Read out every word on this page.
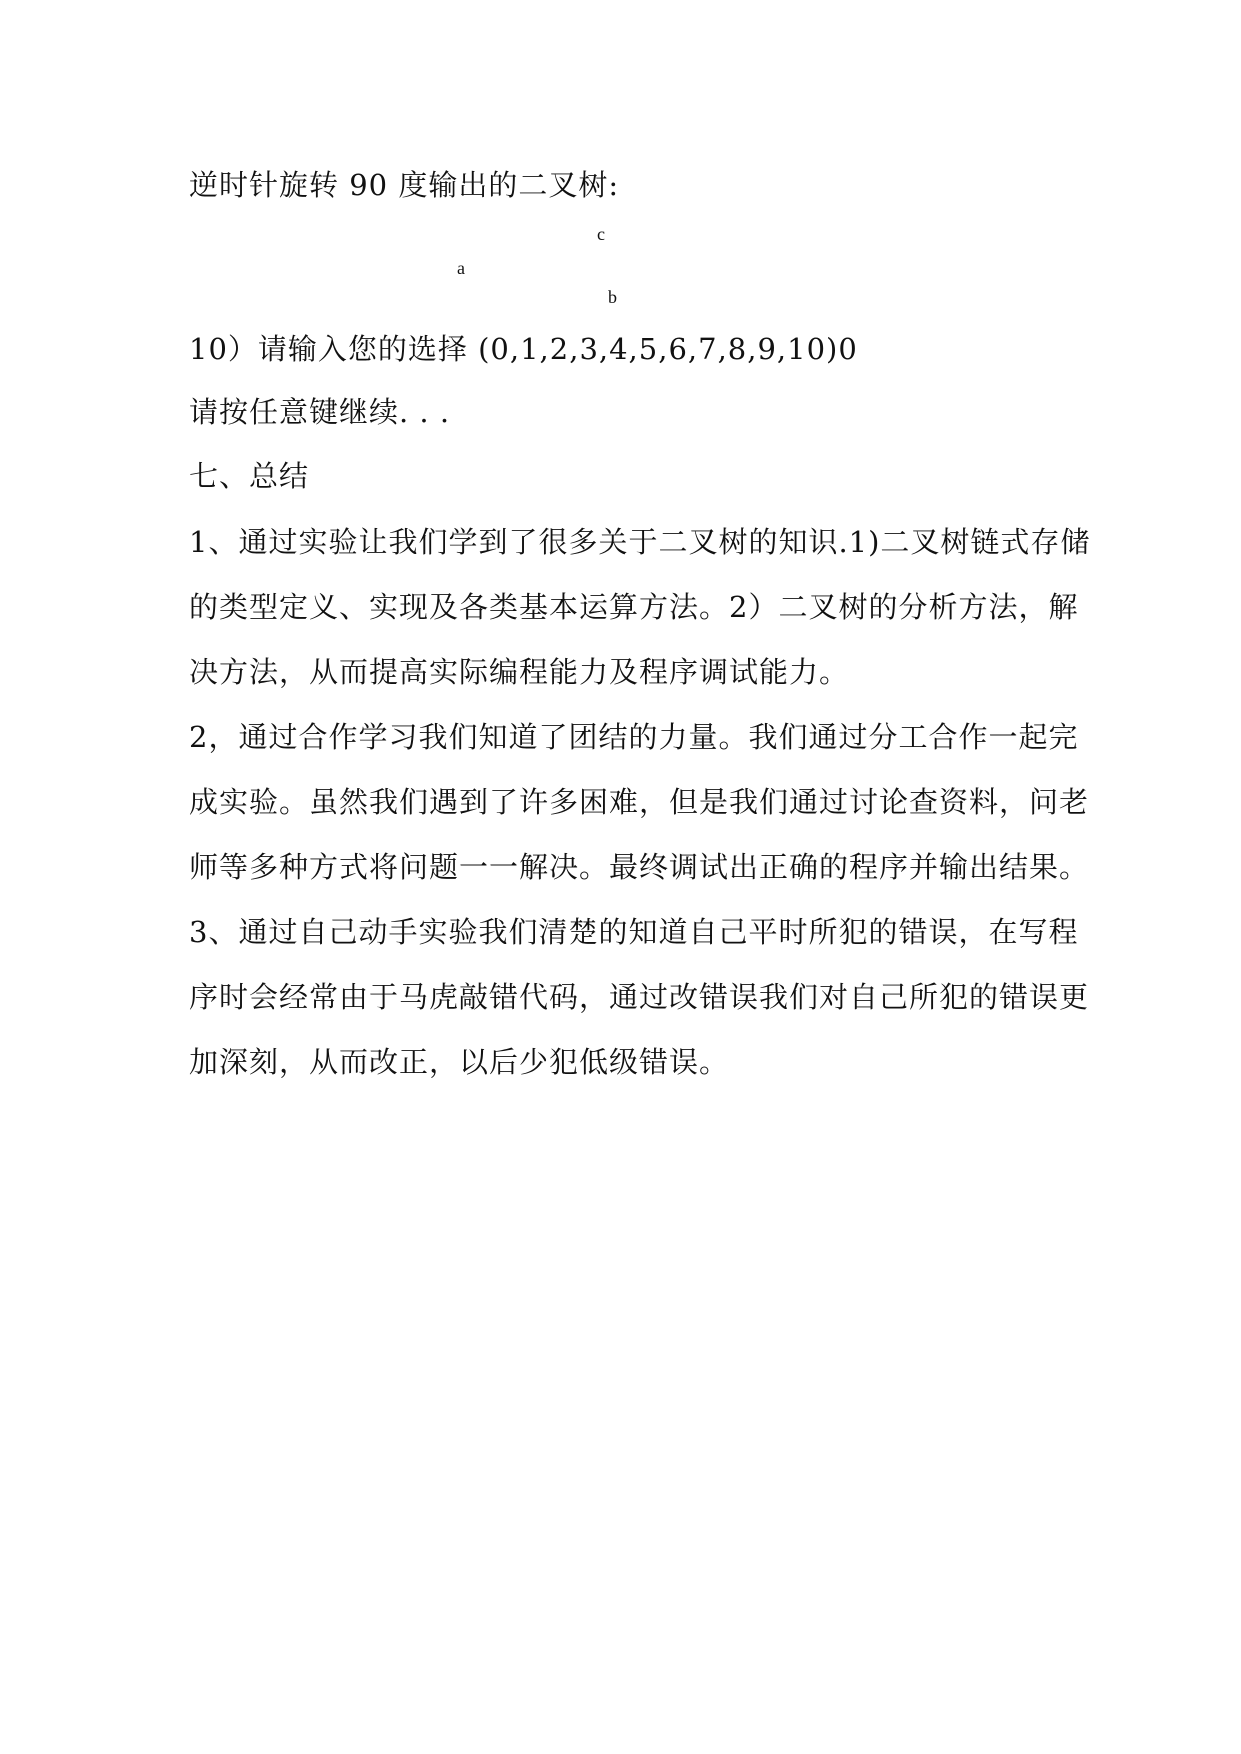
逆时针旋转 90 度输出的二叉树:
c
a
b
10）请输入您的选择 (0,1,2,3,4,5,6,7,8,9,10)0
请按任意键继续. . .
七、总结
1、通过实验让我们学到了很多关于二叉树的知识.1)二叉树链式存储
的类型定义、实现及各类基本运算方法。2）二叉树的分析方法，解
决方法，从而提高实际编程能力及程序调试能力。
2，通过合作学习我们知道了团结的力量。我们通过分工合作一起完
成实验。虽然我们遇到了许多困难，但是我们通过讨论查资料，问老
师等多种方式将问题一一解决。最终调试出正确的程序并输出结果。
3、通过自己动手实验我们清楚的知道自己平时所犯的错误，在写程
序时会经常由于马虎敲错代码，通过改错误我们对自己所犯的错误更
加深刻，从而改正，以后少犯低级错误。
